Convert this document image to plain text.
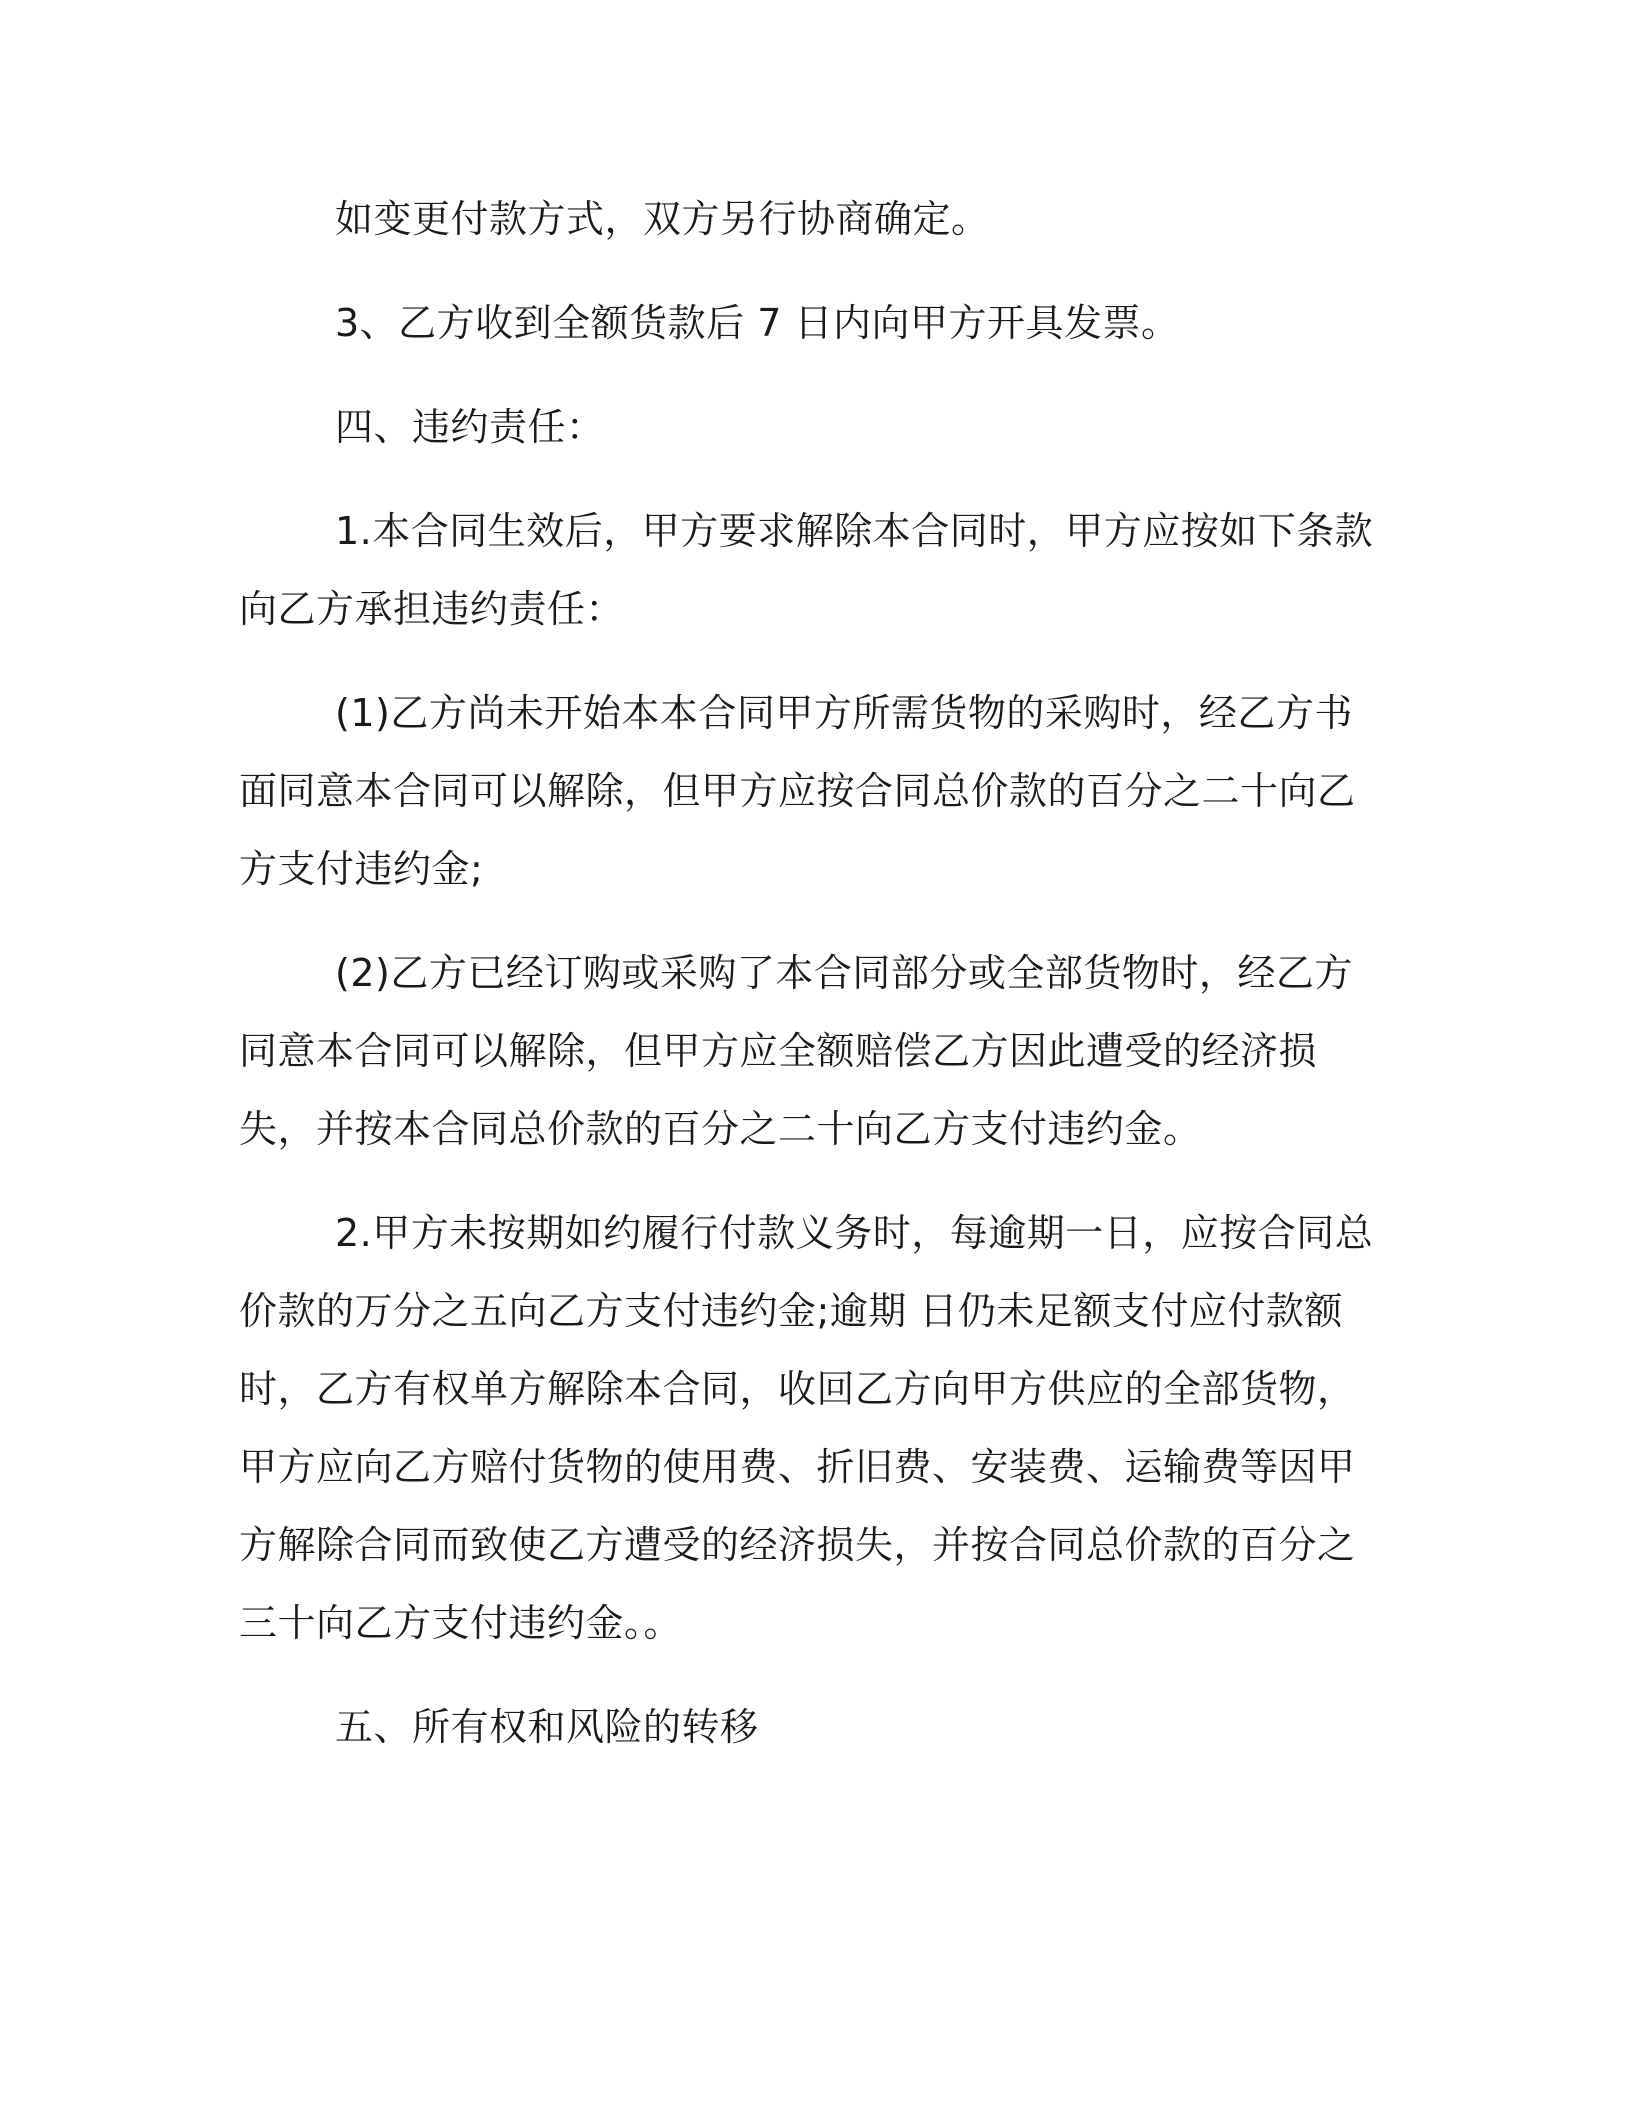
如变更付款方式，双方另行协商确定。

3、乙方收到全额货款后 7 日内向甲方开具发票。

四、违约责任：

1.本合同生效后，甲方要求解除本合同时，甲方应按如下条款向乙方承担违约责任：

(1)乙方尚未开始本本合同甲方所需货物的采购时，经乙方书面同意本合同可以解除，但甲方应按合同总价款的百分之二十向乙方支付违约金;

(2)乙方已经订购或采购了本合同部分或全部货物时，经乙方同意本合同可以解除，但甲方应全额赔偿乙方因此遭受的经济损失，并按本合同总价款的百分之二十向乙方支付违约金。

2.甲方未按期如约履行付款义务时，每逾期一日，应按合同总价款的万分之五向乙方支付违约金;逾期 日仍未足额支付应付款额时，乙方有权单方解除本合同，收回乙方向甲方供应的全部货物，甲方应向乙方赔付货物的使用费、折旧费、安装费、运输费等因甲方解除合同而致使乙方遭受的经济损失，并按合同总价款的百分之三十向乙方支付违约金。。

五、所有权和风险的转移
